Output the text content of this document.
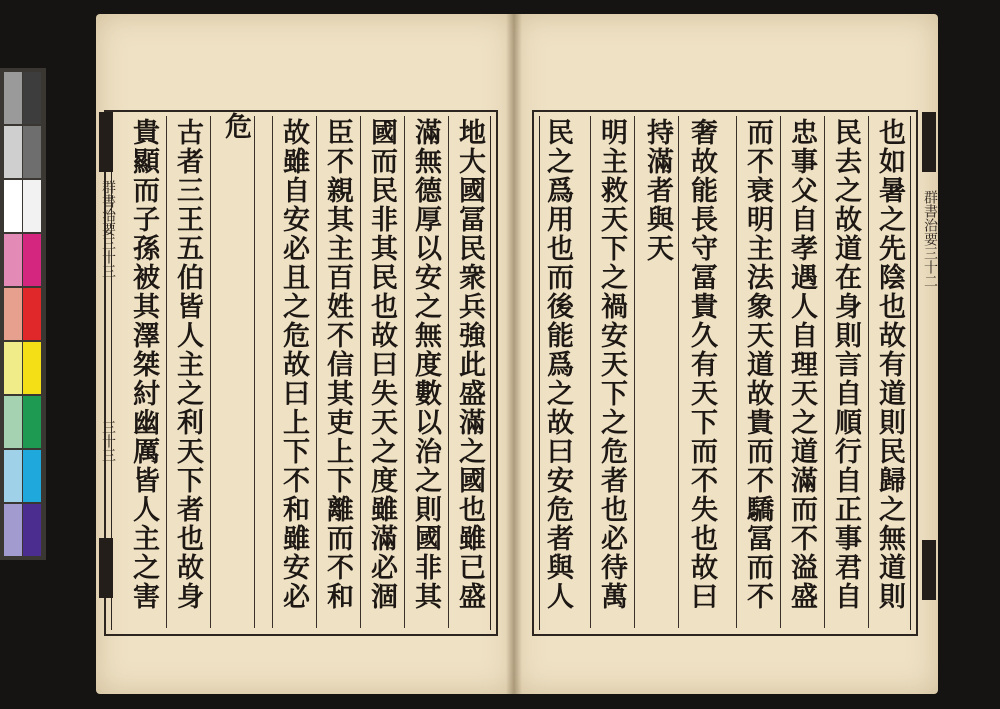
群書治要三十三
三十三
群書治要三十二
地大國冨民衆兵強此盛滿之國也雖已盛
滿無德厚以安之無度數以治之則國非其
國而民非其民也故曰失天之度雖滿必涸
臣不親其主百姓不信其吏上下離而不和
故雖自安必且之危故曰上下不和雖安必
危
古者三王五伯皆人主之利天下者也故身
貴顯而子孫被其澤桀紂幽厲皆人主之害	也如暑之先陰也故有道則民歸之無道則
民去之故道在身則言自順行自正事君自
忠事父自孝遇人自理天之道滿而不溢盛
而不衰明主法象天道故貴而不驕冨而不
奢故能長守冨貴久有天下而不失也故曰
持滿者與天
明主救天下之禍安天下之危者也必待萬
民之爲用也而後能爲之故曰安危者與人
